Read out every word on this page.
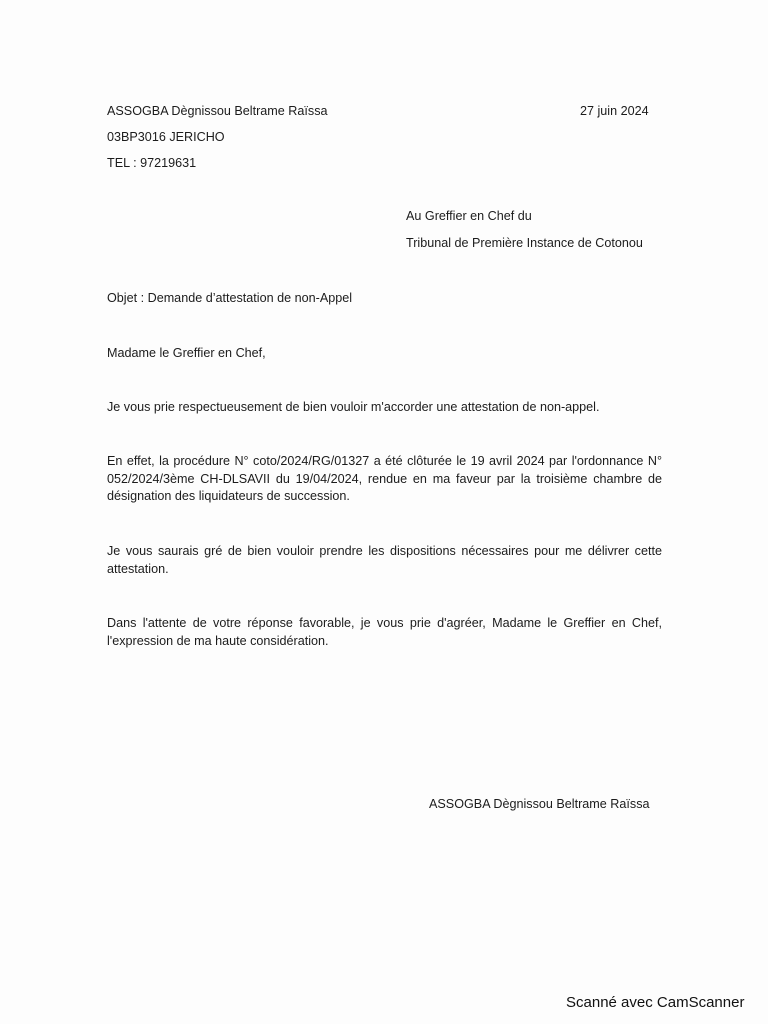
ASSOGBA Dègnissou Beltrame Raïssa	27 juin 2024
03BP3016 JERICHO
TEL : 97219631
Au Greffier en Chef du
Tribunal de Première Instance de Cotonou
Objet : Demande d’attestation de non-Appel
Madame le Greffier en Chef,
Je vous prie respectueusement de bien vouloir m'accorder une attestation de non-appel.
En effet, la procédure N° coto/2024/RG/01327 a été clôturée le 19 avril 2024 par l'ordonnance N° 052/2024/3ème CH-DLSAVII du 19/04/2024, rendue en ma faveur par la troisième chambre de désignation des liquidateurs de succession.
Je vous saurais gré de bien vouloir prendre les dispositions nécessaires pour me délivrer cette attestation.
Dans l'attente de votre réponse favorable, je vous prie d'agréer, Madame le Greffier en Chef, l'expression de ma haute considération.
ASSOGBA Dègnissou Beltrame Raïssa
Scanné avec CamScanner
